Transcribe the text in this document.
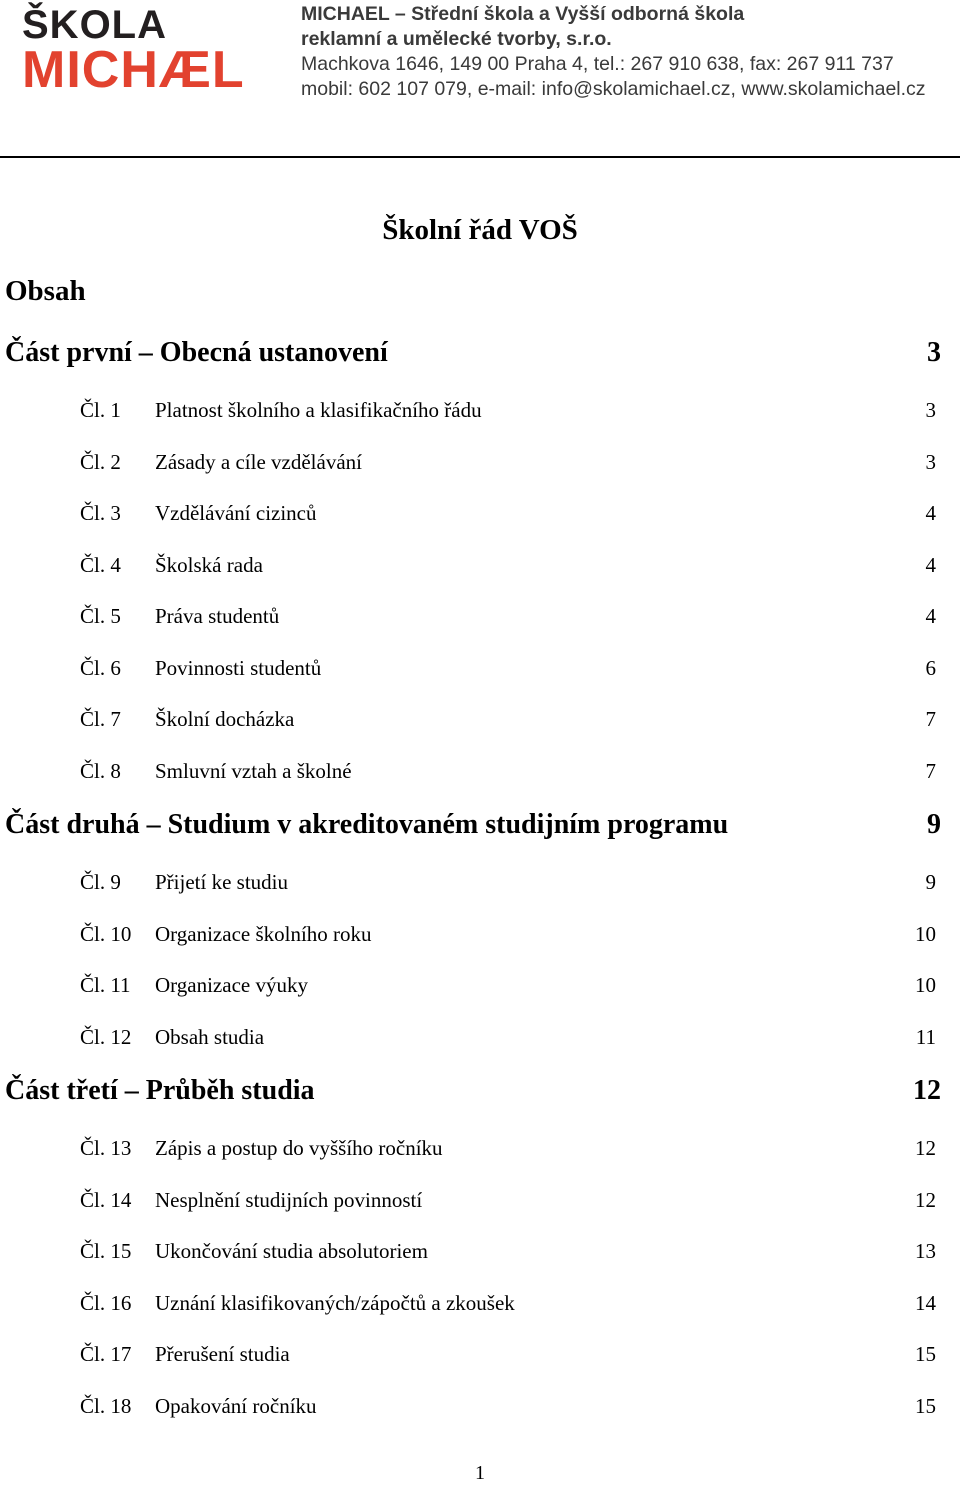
ŠKOLA
MICHÆL
MICHAEL – Střední škola a Vyšší odborná škola
reklamní a umělecké tvorby, s.r.o.
Machkova 1646, 149 00 Praha 4, tel.: 267 910 638, fax: 267 911 737
mobil: 602 107 079, e-mail: info@skolamichael.cz, www.skolamichael.cz
Školní řád VOŠ
Obsah
Část první – Obecná ustanovení	3
Čl. 1 Platnost školního a klasifikačního řádu	3
Čl. 2 Zásady a cíle vzdělávání	3
Čl. 3 Vzdělávání cizinců	4
Čl. 4 Školská rada	4
Čl. 5 Práva studentů	4
Čl. 6 Povinnosti studentů	6
Čl. 7 Školní docházka	7
Čl. 8 Smluvní vztah a školné	7
Část druhá – Studium v akreditovaném studijním programu	9
Čl. 9 Přijetí ke studiu	9
Čl. 10 Organizace školního roku	10
Čl. 11 Organizace výuky	10
Čl. 12 Obsah studia	11
Část třetí – Průběh studia	12
Čl. 13 Zápis a postup do vyššího ročníku	12
Čl. 14 Nesplnění studijních povinností	12
Čl. 15 Ukončování studia absolutoriem	13
Čl. 16 Uznání klasifikovaných/zápočtů a zkoušek	14
Čl. 17 Přerušení studia	15
Čl. 18 Opakování ročníku	15
1
